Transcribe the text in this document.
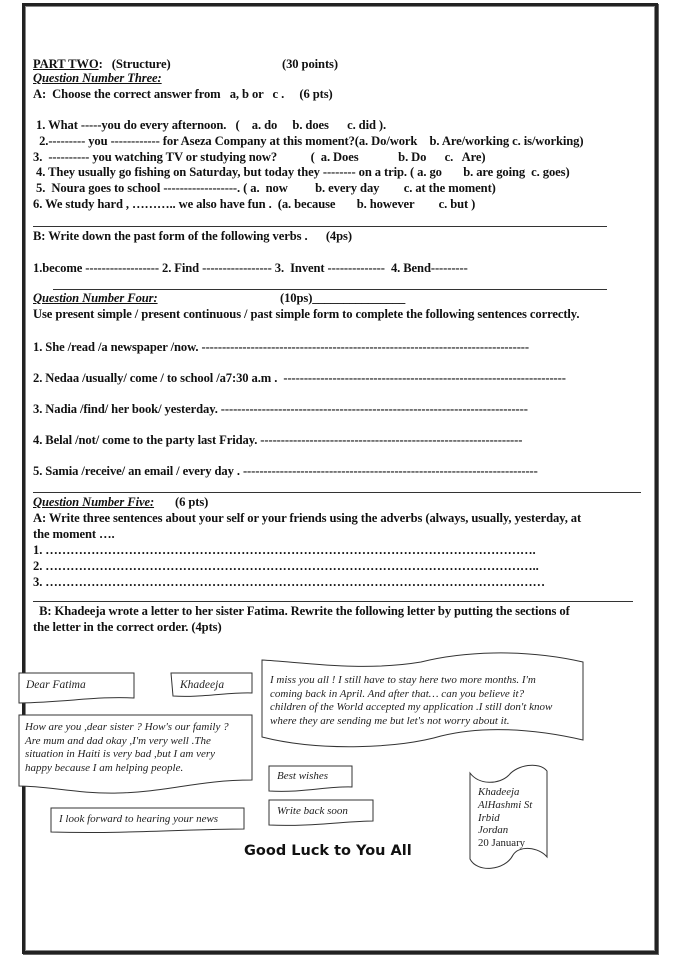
PART TWO: (Structure)	(30 points)
Question Number Three:
A:  Choose the correct answer from   a, b or   c .     (6 pts)
1. What -----you do every afternoon.   (    a. do     b. does      c. did ).
2.--------- you ------------ for Aseza Company at this moment?(a. Do/work    b. Are/working c. is/working)
3.  ---------- you watching TV or studying now?           (  a. Does             b. Do      c.   Are)
4. They usually go fishing on Saturday, but today they -------- on a trip. ( a. go       b. are going  c. goes)
5.  Noura goes to school ------------------. ( a.  now         b. every day        c. at the moment)
6. We study hard , ……….. we also have fun .  (a. because       b. however        c. but )
B: Write down the past form of the following verbs .      (4ps)
1.become ------------------ 2. Find ----------------- 3.  Invent --------------  4. Bend---------
Question Number Four:	(10ps)_______________
Use present simple / present continuous / past simple form to complete the following sentences correctly.
1. She /read /a newspaper /now. --------------------------------------------------------------------------------
2. Nedaa /usually/ come / to school /a7:30 a.m .  ---------------------------------------------------------------------
3. Nadia /find/ her book/ yesterday. ---------------------------------------------------------------------------
4. Belal /not/ come to the party last Friday. ----------------------------------------------------------------
5. Samia /receive/ an email / every day . ------------------------------------------------------------------------
Question Number Five: (6 pts)
A: Write three sentences about your self or your friends using the adverbs (always, usually, yesterday, at
the moment ….
1. ……………………………………………………………………………………………………….
2. ………………………………………………………………………………………………………..
3. …………………………………………………………………………………………………………
B: Khadeeja wrote a letter to her sister Fatima. Rewrite the following letter by putting the sections of
the letter in the correct order. (4pts)
Dear Fatima	Khadeeja
How are you ,dear sister ? How's our family ?
Are mum and dad okay ,I'm very well .The
situation in Haiti is very bad ,but I am very
happy because I am helping people.
I miss you all ! I still have to stay here two more months. I'm
coming back in April. And after that… can you believe it?
children of the World accepted my application .I still don't know
where they are sending me but let's not worry about it.
Best wishes
Write back soon
I look forward to hearing your news
Khadeeja
AlHashmi St
Irbid
Jordan
20 January
Good Luck to You All
